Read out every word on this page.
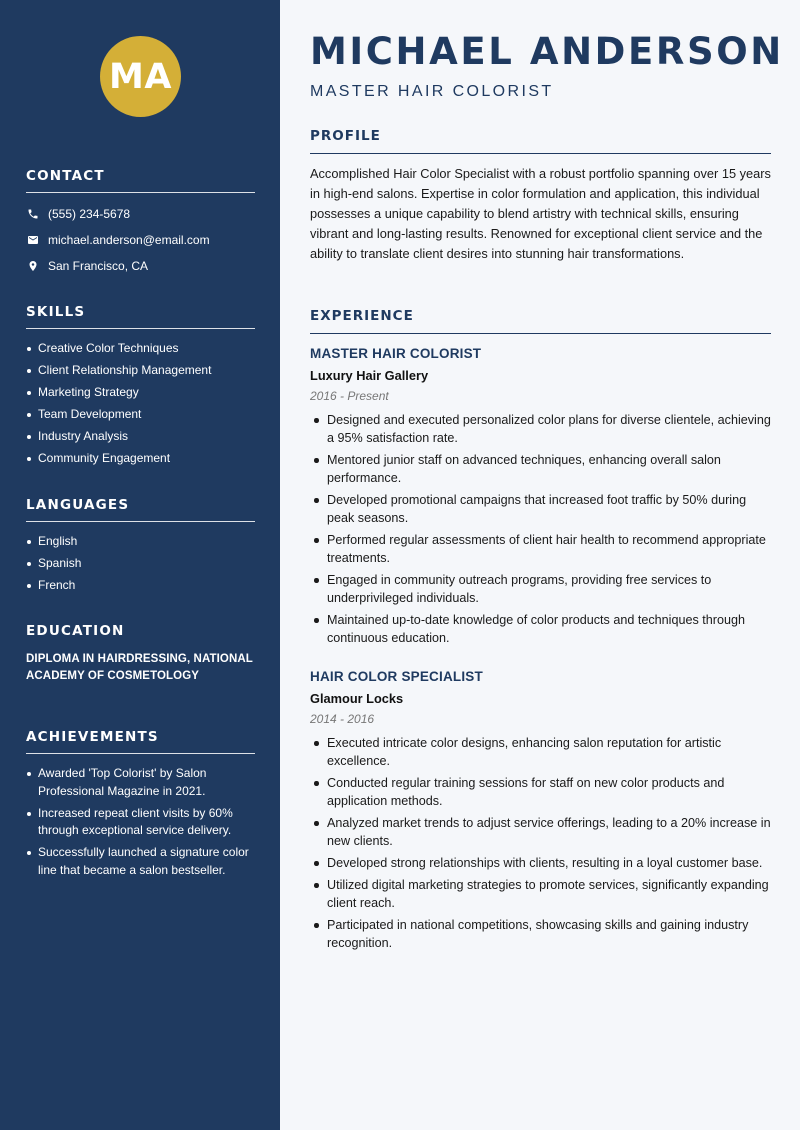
MA
CONTACT
(555) 234-5678
michael.anderson@email.com
San Francisco, CA
SKILLS
Creative Color Techniques
Client Relationship Management
Marketing Strategy
Team Development
Industry Analysis
Community Engagement
LANGUAGES
English
Spanish
French
EDUCATION
DIPLOMA IN HAIRDRESSING, NATIONAL ACADEMY OF COSMETOLOGY
ACHIEVEMENTS
Awarded 'Top Colorist' by Salon Professional Magazine in 2021.
Increased repeat client visits by 60% through exceptional service delivery.
Successfully launched a signature color line that became a salon bestseller.
MICHAEL ANDERSON
MASTER HAIR COLORIST
PROFILE

Accomplished Hair Color Specialist with a robust portfolio spanning over 15 years in high-end salons. Expertise in color formulation and application, this individual possesses a unique capability to blend artistry with technical skills, ensuring vibrant and long-lasting results. Renowned for exceptional client service and the ability to translate client desires into stunning hair transformations.

EXPERIENCE
MASTER HAIR COLORIST
Luxury Hair Gallery
2016 - Present
Designed and executed personalized color plans for diverse clientele, achieving a 95% satisfaction rate.
Mentored junior staff on advanced techniques, enhancing overall salon performance.
Developed promotional campaigns that increased foot traffic by 50% during peak seasons.
Performed regular assessments of client hair health to recommend appropriate treatments.
Engaged in community outreach programs, providing free services to underprivileged individuals.
Maintained up-to-date knowledge of color products and techniques through continuous education.
HAIR COLOR SPECIALIST
Glamour Locks
2014 - 2016
Executed intricate color designs, enhancing salon reputation for artistic excellence.
Conducted regular training sessions for staff on new color products and application methods.
Analyzed market trends to adjust service offerings, leading to a 20% increase in new clients.
Developed strong relationships with clients, resulting in a loyal customer base.
Utilized digital marketing strategies to promote services, significantly expanding client reach.
Participated in national competitions, showcasing skills and gaining industry recognition.
